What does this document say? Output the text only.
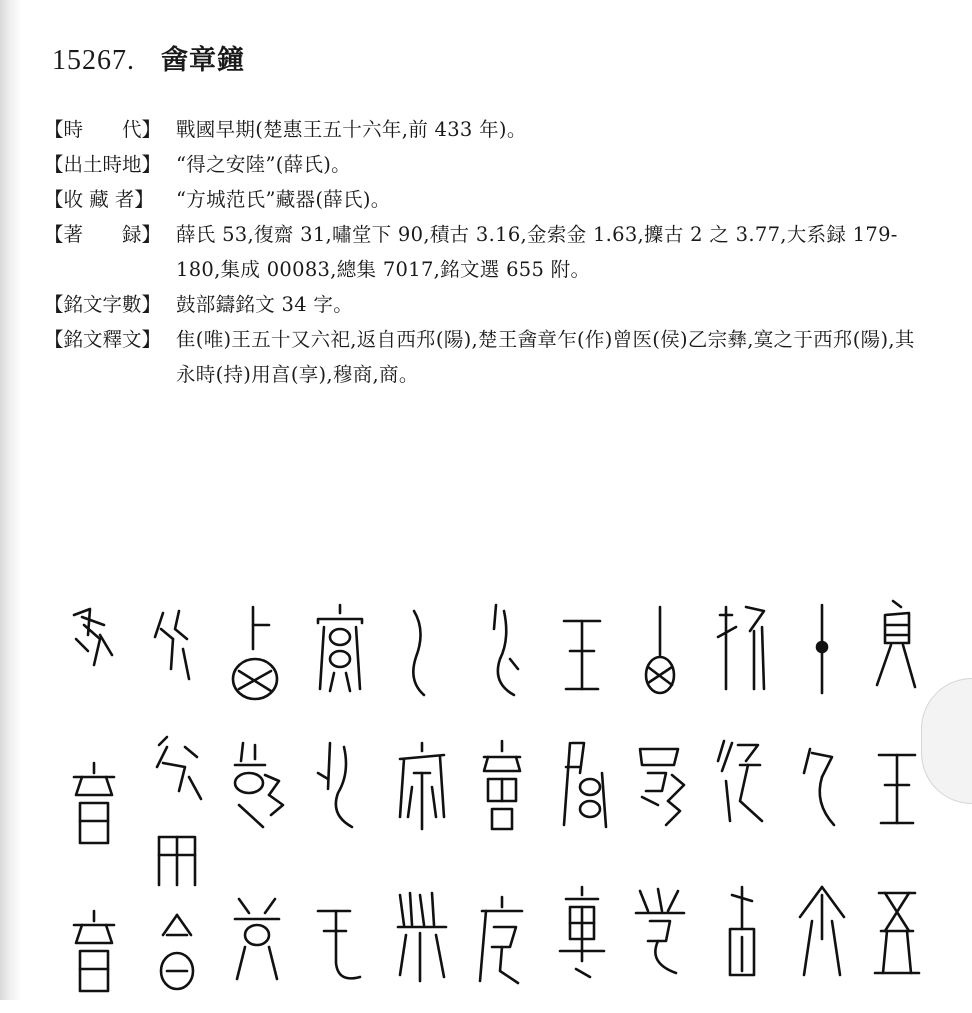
15267. 酓章鐘
【時　　代】 戰國早期(楚惠王五十六年,前 433 年)。
【出土時地】 “得之安陸”(薛氏)。
【收 藏 者】	“方城范氏”藏器(薛氏)。
【著　　録】 薛氏 53,復齋 31,嘯堂下 90,積古 3.16,金索金 1.63,攈古 2 之 3.77,大系録 179-180,集成 00083,總集 7017,銘文選 655 附。
【銘文字數】 鼓部鑄銘文 34 字。
【銘文釋文】 隹(唯)王五十又六祀,返自西䢴(陽),楚王酓章乍(作)曾医(侯)乙宗彝,寞之于西䢴(陽),其永時(持)用亯(享),穆商,商。
